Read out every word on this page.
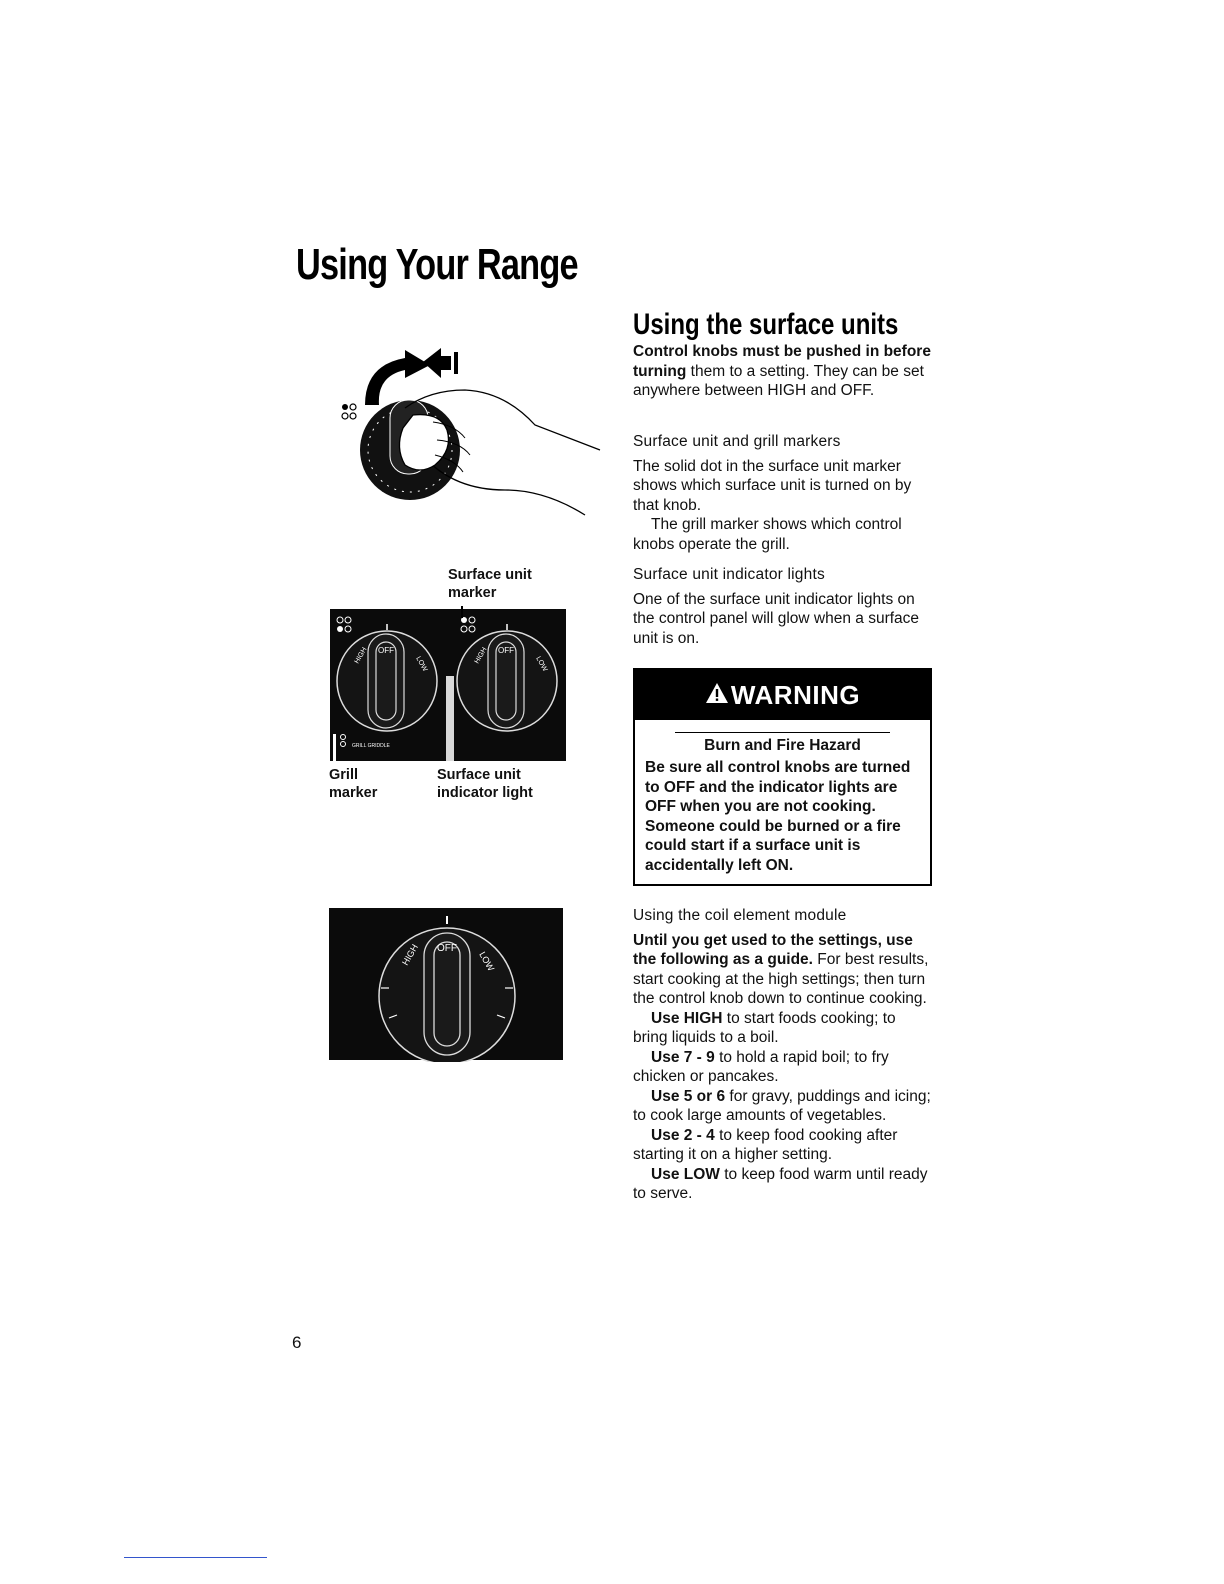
Using Your Range
Using the surface units

Control knobs must be pushed in before turning them to a setting. They can be set anywhere between HIGH and OFF.

Surface unit and grill markers

The solid dot in the surface unit marker shows which surface unit is turned on by that knob.

The grill marker shows which control knobs operate the grill.

Surface unit indicator lights

One of the surface unit indicator lights on the control panel will glow when a surface unit is on.

WARNING
Burn and Fire Hazard
Be sure all control knobs are turned to OFF and the indicator lights are OFF when you are not cooking. Someone could be burned or a fire could start if a surface unit is accidentally left ON.

Using the coil element module

Until you get used to the settings, use the following as a guide. For best results, start cooking at the high settings; then turn the control knob down to continue cooking.

Use HIGH to start foods cooking; to bring liquids to a boil.

Use 7 - 9 to hold a rapid boil; to fry chicken or pancakes.

Use 5 or 6 for gravy, puddings and icing; to cook large amounts of vegetables.

Use 2 - 4 to keep food cooking after starting it on a higher setting.

Use LOW to keep food warm until ready to serve.

Surface unit
marker
OFF
HIGH	LOW
OFF
HIGH	LOW
GRILL GRIDDLE
Grill
marker
Surface unit
indicator light
OFF
HIGH	LOW
6
